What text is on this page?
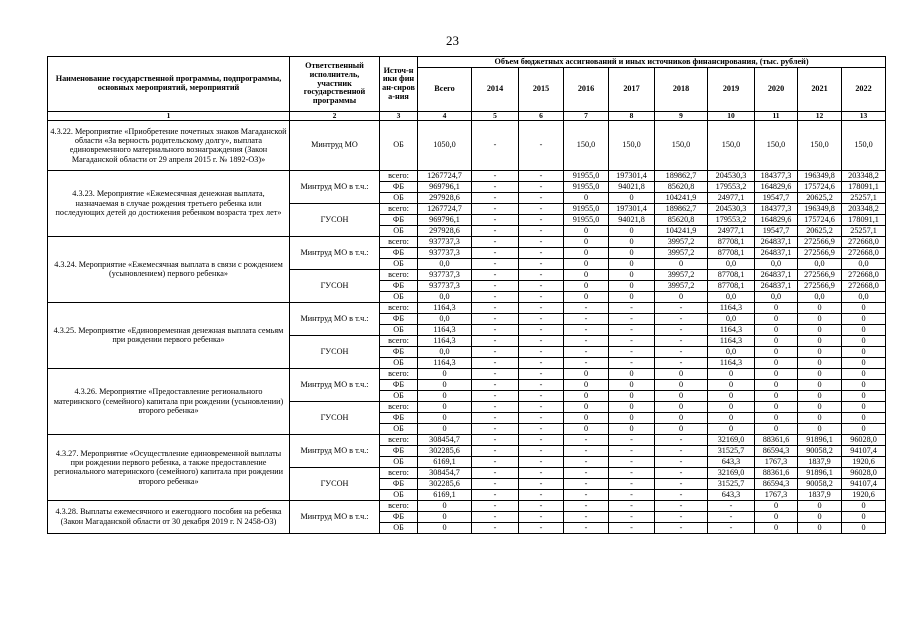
23
Наименование государственной программы, подпрограммы, основных мероприятий, мероприятий	Ответственный исполнитель, участник государственной программы	Источ-ники финан-сирова-ния	Объем бюджетных ассигнований и иных источников финансирования, (тыс. рублей)									
			Всего	2014	2015	2016	2017	2018	2019	2020	2021	2022
1	2	3	4	5	6	7	8	9	10	11	12	13
4.3.22. Мероприятие «Приобретение почетных знаков Магаданской области «За верность родительскому долгу», выплата единовременного материального вознаграждения (Закон Магаданской области от 29 апреля 2015 г. № 1892-ОЗ)»	Минтруд МО	ОБ	1050,0	-	-	150,0	150,0	150,0	150,0	150,0	150,0	150,0
4.3.23. Мероприятие «Ежемесячная денежная выплата, назначаемая в случае рождения третьего ребенка или последующих детей до достижения ребенком возраста трех лет»	Минтруд МО в т.ч.:	всего:	1267724,7	-	-	91955,0	197301,4	189862,7	204530,3	184377,3	196349,8	203348,2
		ФБ	969796,1	-	-	91955,0	94021,8	85620,8	179553,2	164829,6	175724,6	178091,1
		ОБ	297928,6	-	-	0	0	104241,9	24977,1	19547,7	20625,2	25257,1
	ГУСОН	всего:	1267724,7	-	-	91955,0	197301,4	189862,7	204530,3	184377,3	196349,8	203348,2
		ФБ	969796,1	-	-	91955,0	94021,8	85620,8	179553,2	164829,6	175724,6	178091,1
		ОБ	297928,6	-	-	0	0	104241,9	24977,1	19547,7	20625,2	25257,1
4.3.24. Мероприятие «Ежемесячная выплата в связи с рождением (усыновлением) первого ребенка»	Минтруд МО в т.ч.:	всего:	937737,3	-	-	0	0	39957,2	87708,1	264837,1	272566,9	272668,0
		ФБ	937737,3	-	-	0	0	39957,2	87708,1	264837,1	272566,9	272668,0
		ОБ	0,0	-	-	0	0	0	0,0	0,0	0,0	0,0
	ГУСОН	всего:	937737,3	-	-	0	0	39957,2	87708,1	264837,1	272566,9	272668,0
		ФБ	937737,3	-	-	0	0	39957,2	87708,1	264837,1	272566,9	272668,0
		ОБ	0,0	-	-	0	0	0	0,0	0,0	0,0	0,0
4.3.25. Мероприятие «Единовременная денежная выплата семьям при рождении первого ребенка»	Минтруд МО в т.ч.:	всего:	1164,3	-	-	-	-	-	1164,3	0	0	0
		ФБ	0,0	-	-	-	-	-	0,0	0	0	0
		ОБ	1164,3	-	-	-	-	-	1164,3	0	0	0
	ГУСОН	всего:	1164,3	-	-	-	-	-	1164,3	0	0	0
		ФБ	0,0	-	-	-	-	-	0,0	0	0	0
		ОБ	1164,3	-	-	-	-	-	1164,3	0	0	0
4.3.26. Мероприятие «Предоставление регионального материнского (семейного) капитала при рождении (усыновлении) второго ребенка»	Минтруд МО в т.ч.:	всего:	0	-	-	0	0	0	0	0	0	0
		ФБ	0	-	-	0	0	0	0	0	0	0
		ОБ	0	-	-	0	0	0	0	0	0	0
	ГУСОН	всего:	0	-	-	0	0	0	0	0	0	0
		ФБ	0	-	-	0	0	0	0	0	0	0
		ОБ	0	-	-	0	0	0	0	0	0	0
4.3.27. Мероприятие «Осуществление единовременной выплаты при рождении первого ребенка, а также предоставление регионального материнского (семейного) капитала при рождении второго ребенка»	Минтруд МО в т.ч.:	всего:	308454,7	-	-	-	-	-	32169,0	88361,6	91896,1	96028,0
		ФБ	302285,6	-	-	-	-	-	31525,7	86594,3	90058,2	94107,4
		ОБ	6169,1	-	-	-	-	-	643,3	1767,3	1837,9	1920,6
	ГУСОН	всего:	308454,7	-	-	-	-	-	32169,0	88361,6	91896,1	96028,0
		ФБ	302285,6	-	-	-	-	-	31525,7	86594,3	90058,2	94107,4
		ОБ	6169,1	-	-	-	-	-	643,3	1767,3	1837,9	1920,6
4.3.28. Выплаты ежемесячного и ежегодного пособия на ребенка (Закон Магаданской области от 30 декабря 2019 г. N 2458-ОЗ)	Минтруд МО в т.ч.:	всего:	0	-	-	-	-	-	-	0	0	0
		ФБ	0	-	-	-	-	-	-	0	0	0
		ОБ	0	-	-	-	-	-	-	0	0	0
